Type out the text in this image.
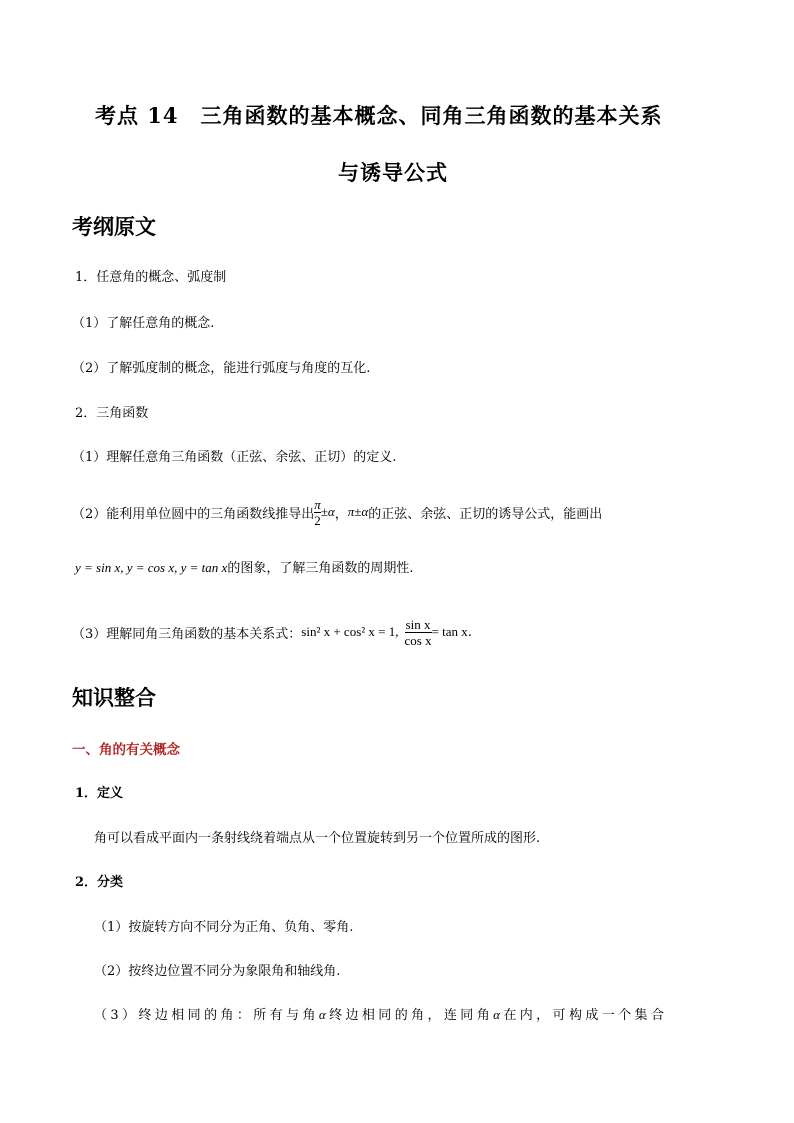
考点 14　三角函数的基本概念、同角三角函数的基本关系
与诱导公式
考纲原文
1．任意角的概念、弧度制
（1）了解任意角的概念.
（2）了解弧度制的概念，能进行弧度与角度的互化.
2．三角函数
（1）理解任意角三角函数（正弦、余弦、正切）的定义.
（2）能利用单位圆中的三角函数线推导出 $\frac{\pi}{2} \pm\alpha$ ， π±α 的正弦、余弦、正切的诱导公式，能画出
y = sin x, y = cos x, y = tan x的图象，了解三角函数的周期性.
（3）理解同角三角函数的基本关系式： sin² x + cos² x = 1, $\frac{\text{sin x}}{\text{cos x}} = \tan x$ .
知识整合
一、角的有关概念
1．定义
角可以看成平面内一条射线绕着端点从一个位置旋转到另一个位置所成的图形.
2．分类
（1）按旋转方向不同分为正角、负角、零角.
（2）按终边位置不同分为象限角和轴线角.
（3）终边相同的角：所有与角α终边相同的角，连同角α在内，可构成一个集合
